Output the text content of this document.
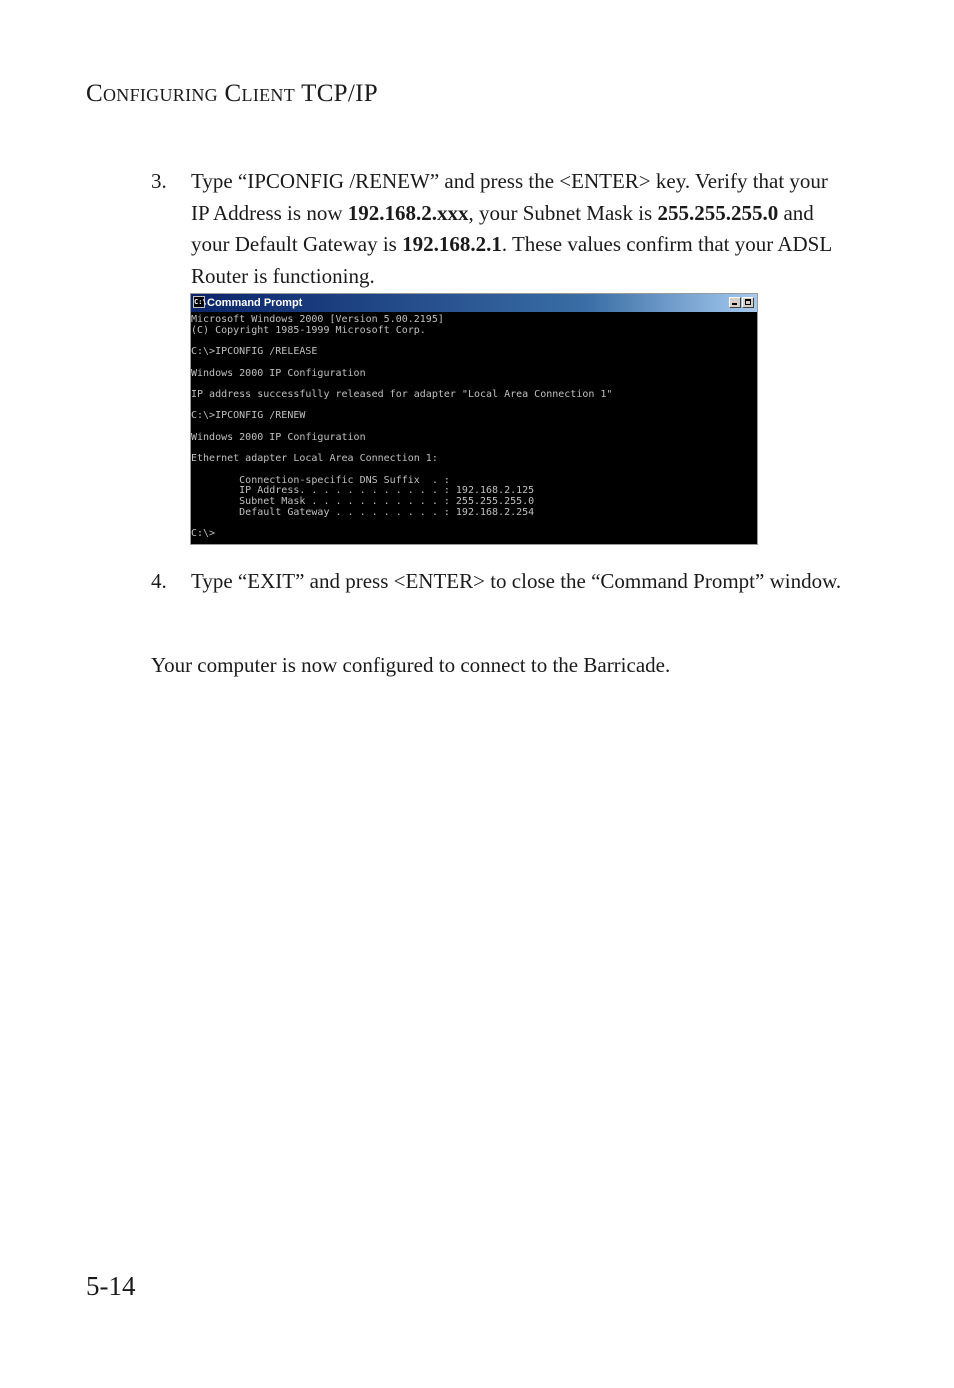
Configuring Client TCP/IP
3. Type “IPCONFIG /RENEW” and press the <ENTER> key. Verify that your IP Address is now 192.168.2.xxx, your Subnet Mask is 255.255.255.0 and your Default Gateway is 192.168.2.1. These values confirm that your ADSL Router is functioning.
C:\ Command Prompt
Microsoft Windows 2000 [Version 5.00.2195]
(C) Copyright 1985-1999 Microsoft Corp.

C:\>IPCONFIG /RELEASE

Windows 2000 IP Configuration

IP address successfully released for adapter "Local Area Connection 1"

C:\>IPCONFIG /RENEW

Windows 2000 IP Configuration

Ethernet adapter Local Area Connection 1:

Connection-specific DNS Suffix  . :
IP Address. . . . . . . . . . . . : 192.168.2.125
Subnet Mask . . . . . . . . . . . : 255.255.255.0
Default Gateway . . . . . . . . . : 192.168.2.254

C:\>
4. Type “EXIT” and press <ENTER> to close the “Command Prompt” window.
Your computer is now configured to connect to the Barricade.
5-14
